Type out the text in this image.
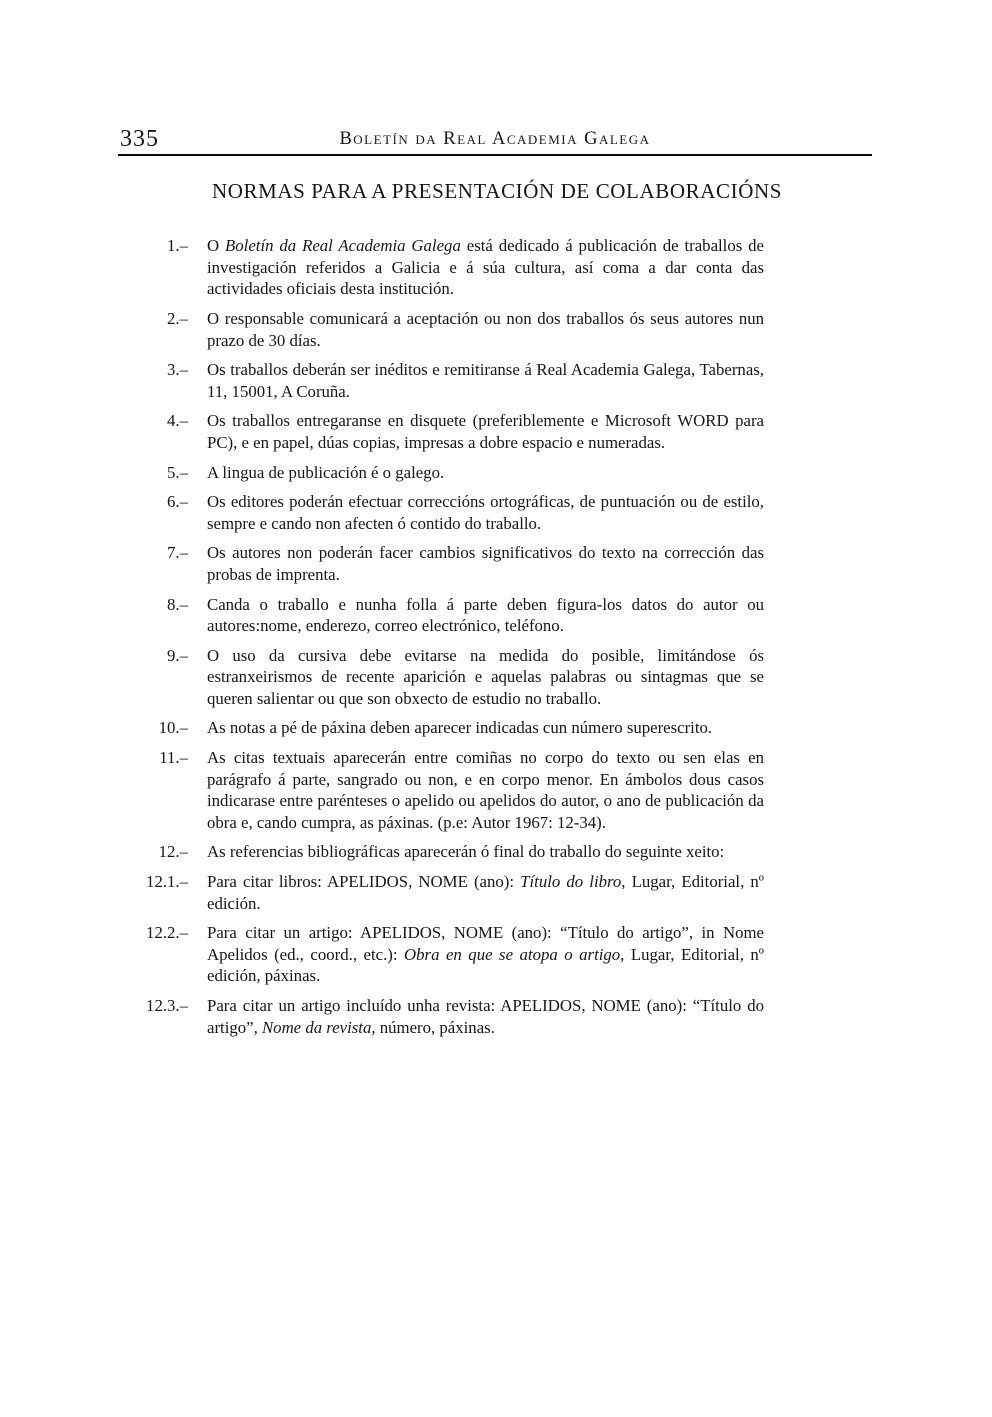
335	Boletín da Real Academia Galega
NORMAS PARA A PRESENTACIÓN DE COLABORACIÓNS
1.– O Boletín da Real Academia Galega está dedicado á publicación de traballos de investigación referidos a Galicia e á súa cultura, así coma a dar conta das actividades oficiais desta institución.

2.– O responsable comunicará a aceptación ou non dos traballos ós seus autores nun prazo de 30 días.

3.– Os traballos deberán ser inéditos e remitiranse á Real Academia Galega, Tabernas, 11, 15001, A Coruña.

4.– Os traballos entregaranse en disquete (preferiblemente e Microsoft WORD para PC), e en papel, dúas copias, impresas a dobre espacio e numeradas.

5.– A lingua de publicación é o galego.

6.– Os editores poderán efectuar correccións ortográficas, de puntuación ou de estilo, sempre e cando non afecten ó contido do traballo.

7.– Os autores non poderán facer cambios significativos do texto na corrección das probas de imprenta.

8.– Canda o traballo e nunha folla á parte deben figura-los datos do autor ou autores:nome, enderezo, correo electrónico, teléfono.

9.– O uso da cursiva debe evitarse na medida do posible, limitándose ós estranxeirismos de recente aparición e aquelas palabras ou sintagmas que se queren salientar ou que son obxecto de estudio no traballo.

10.– As notas a pé de páxina deben aparecer indicadas cun número superescrito.

11.– As citas textuais aparecerán entre comiñas no corpo do texto ou sen elas en parágrafo á parte, sangrado ou non, e en corpo menor. En ámbolos dous casos indicarase entre parénteses o apelido ou apelidos do autor, o ano de publicación da obra e, cando cumpra, as páxinas. (p.e: Autor 1967: 12-34).

12.– As referencias bibliográficas aparecerán ó final do traballo do seguinte xeito:

12.1.– Para citar libros: APELIDOS, NOME (ano): Título do libro, Lugar, Editorial, nº edición.

12.2.– Para citar un artigo: APELIDOS, NOME (ano): “Título do artigo”, in Nome Apelidos (ed., coord., etc.): Obra en que se atopa o artigo, Lugar, Editorial, nº edición, páxinas.

12.3.– Para citar un artigo incluído unha revista: APELIDOS, NOME (ano): “Título do artigo”, Nome da revista, número, páxinas.
